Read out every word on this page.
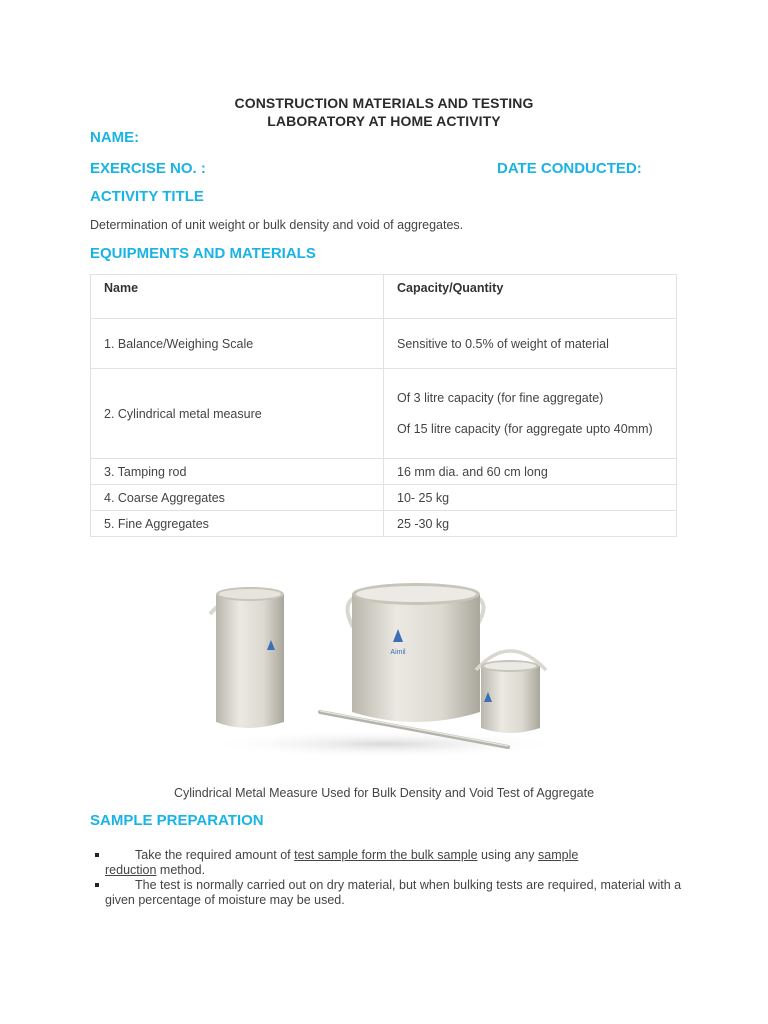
CONSTRUCTION MATERIALS AND TESTING
LABORATORY AT HOME ACTIVITY
NAME:
EXERCISE NO. :	DATE CONDUCTED:
ACTIVITY TITLE
Determination of unit weight or bulk density and void of aggregates.
EQUIPMENTS AND MATERIALS
Name	Capacity/Quantity
1. Balance/Weighing Scale	Sensitive to 0.5% of weight of material
2. Cylindrical metal measure	Of 3 litre capacity (for fine aggregate)

Of 15 litre capacity (for aggregate upto 40mm)

3. Tamping rod	16 mm dia. and 60 cm long
4. Coarse Aggregates	10- 25 kg
5. Fine Aggregates	25 -30 kg
Aimil
Cylindrical Metal Measure Used for Bulk Density and Void Test of Aggregate
SAMPLE PREPARATION
Take the required amount of test sample form the bulk sample using any sample
reduction method.
The test is normally carried out on dry material, but when bulking tests are required, material with a given percentage of moisture may be used.
